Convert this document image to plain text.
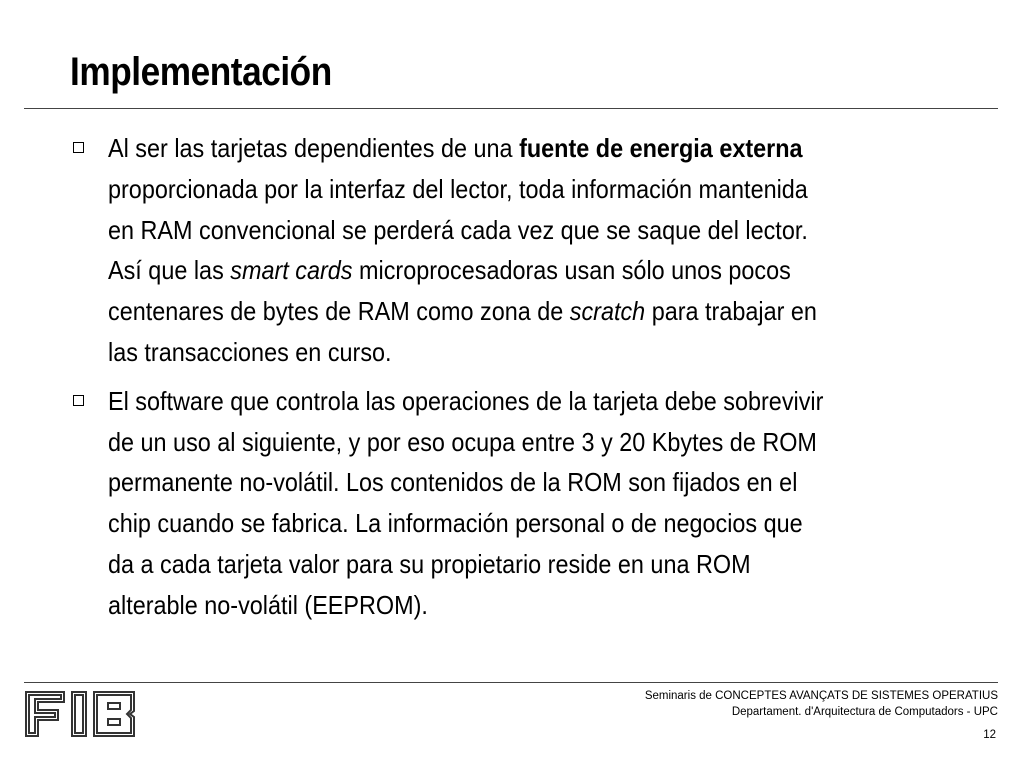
Implementación
Al ser las tarjetas dependientes de una fuente de energia externa
proporcionada por la interfaz del lector, toda información mantenida
en RAM convencional se perderá cada vez que se saque del lector.
Así que las smart cards microprocesadoras usan sólo unos pocos
centenares de bytes de RAM como zona de scratch para trabajar en
las transacciones en curso.
El software que controla las operaciones de la tarjeta debe sobrevivir
de un uso al siguiente, y por eso ocupa entre 3 y 20 Kbytes de ROM
permanente no-volátil. Los contenidos de la ROM son fijados en el
chip cuando se fabrica. La información personal o de negocios que
da a cada tarjeta valor para su propietario reside en una ROM
alterable no-volátil (EEPROM).
Seminaris de CONCEPTES AVANÇATS DE SISTEMES OPERATIUS
Departament. d'Arquitectura de Computadors - UPC
12
